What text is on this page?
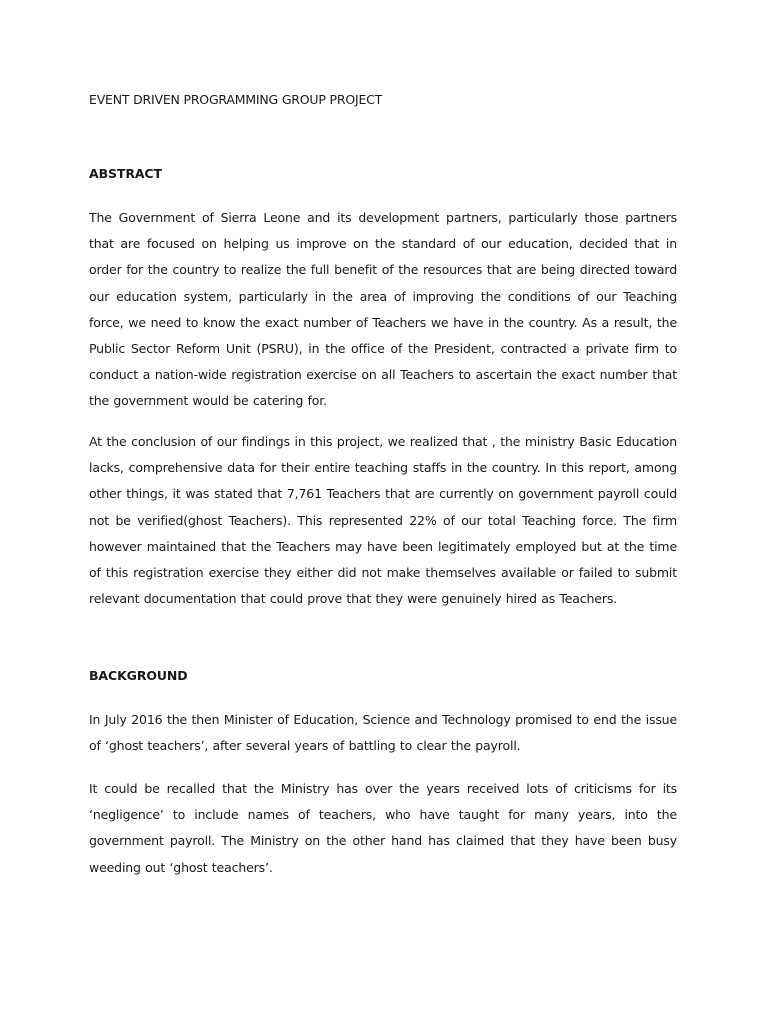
EVENT DRIVEN PROGRAMMING GROUP PROJECT
ABSTRACT

The Government of Sierra Leone and its development partners, particularly those partners that are focused on helping us improve on the standard of our education, decided that in order for the country to realize the full benefit of the resources that are being directed toward our education system, particularly in the area of improving the conditions of our Teaching force, we need to know the exact number of Teachers we have in the country. As a result, the Public Sector Reform Unit (PSRU), in the office of the President, contracted a private firm to conduct a nation-wide registration exercise on all Teachers to ascertain the exact number that the government would be catering for.

At the conclusion of our findings in this project, we realized that , the ministry Basic Education lacks, comprehensive data for their entire teaching staffs in the country. In this report, among other things, it was stated that 7,761 Teachers that are currently on government payroll could not be verified(ghost Teachers). This represented 22% of our total Teaching force. The firm however maintained that the Teachers may have been legitimately employed but at the time of this registration exercise they either did not make themselves available or failed to submit relevant documentation that could prove that they were genuinely hired as Teachers.

BACKGROUND

In July 2016 the then Minister of Education, Science and Technology promised to end the issue of ‘ghost teachers’, after several years of battling to clear the payroll.

It could be recalled that the Ministry has over the years received lots of criticisms for its ‘negligence’ to include names of teachers, who have taught for many years, into the government payroll. The Ministry on the other hand has claimed that they have been busy weeding out ‘ghost teachers’.
